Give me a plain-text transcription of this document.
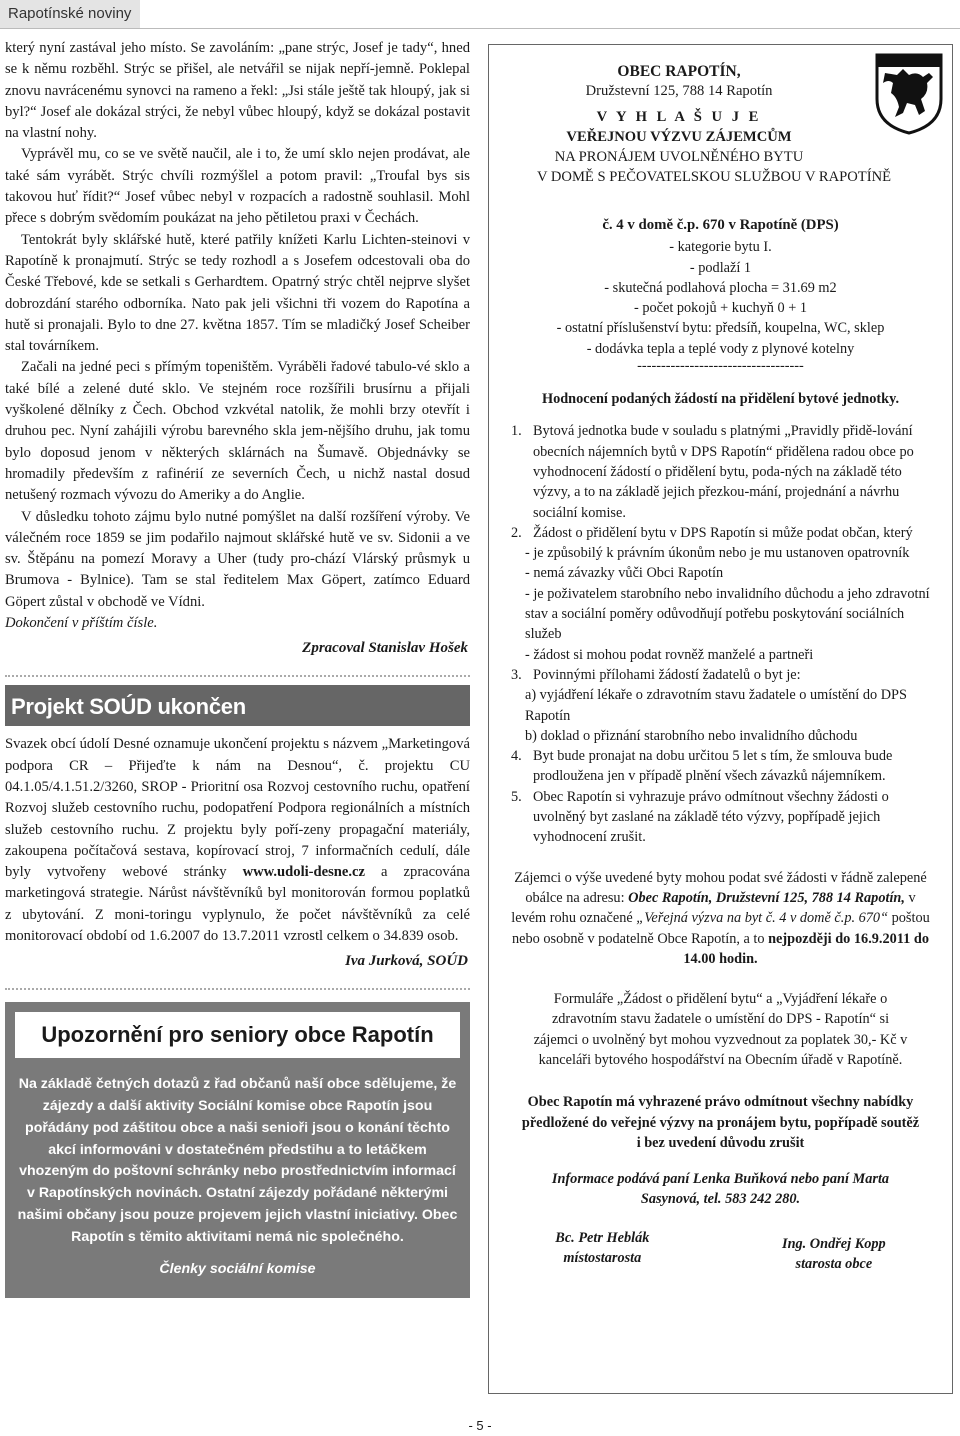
Rapotínské noviny

který nyní zastával jeho místo. Se zavoláním: „pane strýc, Josef je tady“, hned se k němu rozběhl. Strýc se přišel, ale netvářil se nijak nepří-jemně. Poklepal znovu navrácenému synovci na rameno a řekl: „Jsi stále ještě tak hloupý, jak si byl?“ Josef ale dokázal strýci, že nebyl vůbec hloupý, když se dokázal postavit na vlastní nohy.

Vyprávěl mu, co se ve světě naučil, ale i to, že umí sklo nejen prodávat, ale také sám vyrábět. Strýc chvíli rozmýšlel a potom pravil: „Troufal bys sis takovou huť řídit?“ Josef vůbec nebyl v rozpacích a radostně souhlasil. Mohl přece s dobrým svědomím poukázat na jeho pětiletou praxi v Čechách.

Tentokrát byly sklářské hutě, které patřily knížeti Karlu Lichten-steinovi v Rapotíně k pronajmutí. Strýc se tedy rozhodl a s Josefem odcestovali oba do České Třebové, kde se setkali s Gerhardtem. Opatrný strýc chtěl nejprve slyšet dobrozdání starého odborníka. Nato pak jeli všichni tři vozem do Rapotína a hutě si pronajali. Bylo to dne 27. května 1857. Tím se mladičký Josef Scheiber stal továrníkem.

Začali na jedné peci s přímým topeništěm. Vyráběli řadové tabulo-vé sklo a také bílé a zelené duté sklo. Ve stejném roce rozšířili brusírnu a přijali vyškolené dělníky z Čech. Obchod vzkvétal natolik, že mohli brzy otevřít i druhou pec. Nyní zahájili výrobu barevného skla jem-nějšího druhu, jak tomu bylo doposud jenom v některých sklárnách na Šumavě. Objednávky se hromadily především z rafinérií ze severních Čech, u nichž nastal dosud netušený rozmach vývozu do Ameriky a do Anglie.

V důsledku tohoto zájmu bylo nutné pomýšlet na další rozšíření výroby. Ve válečném roce 1859 se jim podařilo najmout sklářské hutě ve sv. Sidonii a ve sv. Štěpánu na pomezí Moravy a Uher (tudy pro-chází Vlárský průsmyk u Brumova - Bylnice). Tam se stal ředitelem Max Göpert, zatímco Eduard Göpert zůstal v obchodě ve Vídni.

Dokončení v příštím čísle.

Zpracoval Stanislav Hošek
Projekt SOÚD ukončen

Svazek obcí údolí Desné oznamuje ukončení projektu s názvem „Marketingová podpora CR – Přijeďte k nám na Desnou“, č. projektu CU 04.1.05/4.1.51.2/3260, SROP - Prioritní osa Rozvoj cestovního ruchu, opatření Rozvoj služeb cestovního ruchu, podopatření Podpora regionálních a místních služeb cestovního ruchu. Z projektu byly poří-zeny propagační materiály, zakoupena počítačová sestava, kopírovací stroj, 7 informačních cedulí, dále byly vytvořeny webové stránky www.udoli-desne.cz a zpracována marketingová strategie. Nárůst návštěvníků byl monitorován formou poplatků z ubytování. Z moni-toringu vyplynulo, že počet návštěvníků za celé monitorovací období od 1.6.2007 do 13.7.2011 vzrostl celkem o 34.839 osob.

Iva Jurková, SOÚD
Upozornění pro seniory obce Rapotín
Na základě četných dotazů z řad občanů naší obce sdělujeme, že zájezdy a další aktivity Sociální komise obce Rapotín jsou pořádány pod záštitou obce a naši senioři jsou o konání těchto akcí informováni v dostatečném předstihu a to letáčkem vhozeným do poštovní schránky nebo prostřednictvím informací v Rapotínských novinách. Ostatní zájezdy pořádané některými našimi občany jsou pouze projevem jejich vlastní iniciativy. Obec Rapotín s těmito aktivitami nemá nic společného.
Členky sociální komise
OBEC RAPOTÍN,
Družstevní 125, 788 14 Rapotín
V Y H L A Š U J E
VEŘEJNOU VÝZVU ZÁJEMCŮM
NA PRONÁJEM UVOLNĚNÉHO BYTU
V DOMĚ S PEČOVATELSKOU SLUŽBOU V RAPOTÍNĚ
č. 4 v domě č.p. 670 v Rapotíně (DPS)
- kategorie bytu I.
- podlaží 1
- skutečná podlahová plocha = 31.69 m2
- počet pokojů + kuchyň 0 + 1
- ostatní příslušenství bytu: předsíň, koupelna, WC, sklep
- dodávka tepla a teplé vody z plynové kotelny
-----------------------------------
Hodnocení podaných žádostí na přidělení bytové jednotky.
1. Bytová jednotka bude v souladu s platnými „Pravidly přidě-lování obecních nájemních bytů v DPS Rapotín“ přidělena radou obce po vyhodnocení žádostí o přidělení bytu, poda-ných na základě této výzvy, a to na základě jejich přezkou-mání, projednání a návrhu sociální komise.
2. Žádost o přidělení bytu v DPS Rapotín si může podat občan, který
- je způsobilý k právním úkonům nebo je mu ustanoven opatrovník
- nemá závazky vůči Obci Rapotín
- je poživatelem starobního nebo invalidního důchodu a jeho zdravotní stav a sociální poměry odůvodňují potřebu poskytování sociálních služeb
- žádost si mohou podat rovněž manželé a partneři
3. Povinnými přílohami žádostí žadatelů o byt je:
a) vyjádření lékaře o zdravotním stavu žadatele o umístění do DPS Rapotín
b) doklad o přiznání starobního nebo invalidního důchodu
4. Byt bude pronajat na dobu určitou 5 let s tím, že smlouva bude prodloužena jen v případě plnění všech závazků nájemníkem.
5. Obec Rapotín si vyhrazuje právo odmítnout všechny žádosti o uvolněný byt zaslané na základě této výzvy, popřípadě jejich vyhodnocení zrušit.
Zájemci o výše uvedené byty mohou podat své žádosti v řádně zalepené obálce na adresu: Obec Rapotín, Družstevní 125, 788 14 Rapotín, v levém rohu označené „Veřejná výzva na byt č. 4 v domě č.p. 670“ poštou nebo osobně v podatelně Obce Rapotín, a to nejpozději do 16.9.2011 do 14.00 hodin.
Formuláře „Žádost o přidělení bytu“ a „Vyjádření lékaře o zdravotním stavu žadatele o umístění do DPS - Rapotín“ si zájemci o uvolněný byt mohou vyzvednout za poplatek 30,- Kč v kanceláři bytového hospodářství na Obecním úřadě v Rapotíně.
Obec Rapotín má vyhrazené právo odmítnout všechny nabídky předložené do veřejné výzvy na pronájem bytu, popřípadě soutěž i bez uvedení důvodu zrušit
Informace podává paní Lenka Buňková nebo paní Marta Sasynová, tel. 583 242 280.
Bc. Petr Heblák
místostarosta
Ing. Ondřej Kopp
starosta obce
- 5 -
